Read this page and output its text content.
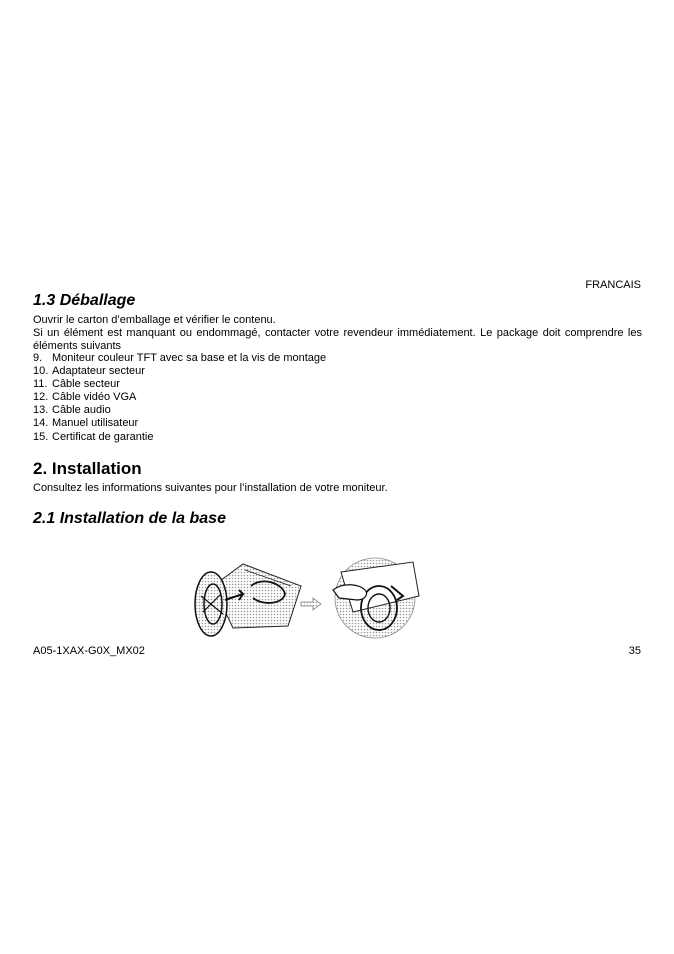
FRANCAIS
1.3 Déballage

Ouvrir le carton d’emballage et vérifier le contenu.

Si un élément est manquant ou endommagé, contacter votre revendeur immédiatement. Le package doit comprendre les éléments suivants

9. Moniteur couleur TFT avec sa base et la vis de montage
10. Adaptateur secteur
11. Câble secteur
12. Câble vidéo VGA
13. Câble audio
14. Manuel utilisateur
15. Certificat de garantie
2. Installation

Consultez les informations suivantes pour l’installation de votre moniteur.

2.1 Installation de la base
A05-1XAX-G0X_MX02	35
